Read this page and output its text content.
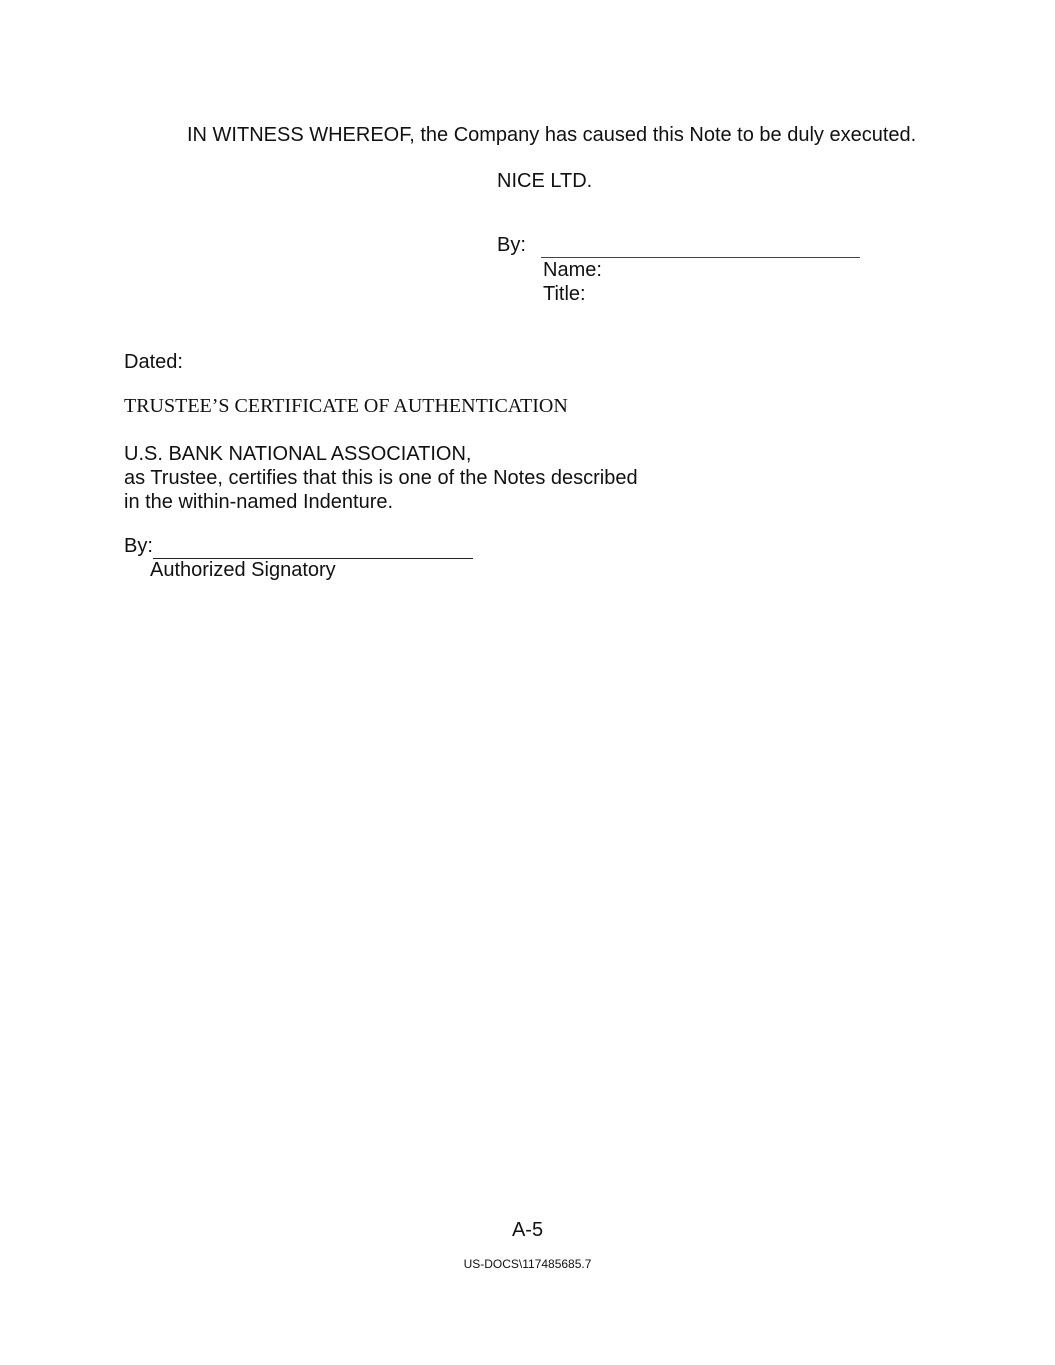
IN WITNESS WHEREOF, the Company has caused this Note to be duly executed.
NICE LTD.
By:
Name:
Title:
Dated:
TRUSTEE’S CERTIFICATE OF AUTHENTICATION
U.S. BANK NATIONAL ASSOCIATION,
as Trustee, certifies that this is one of the Notes described
in the within-named Indenture.
By:
Authorized Signatory
A-5
US-DOCS\117485685.7
